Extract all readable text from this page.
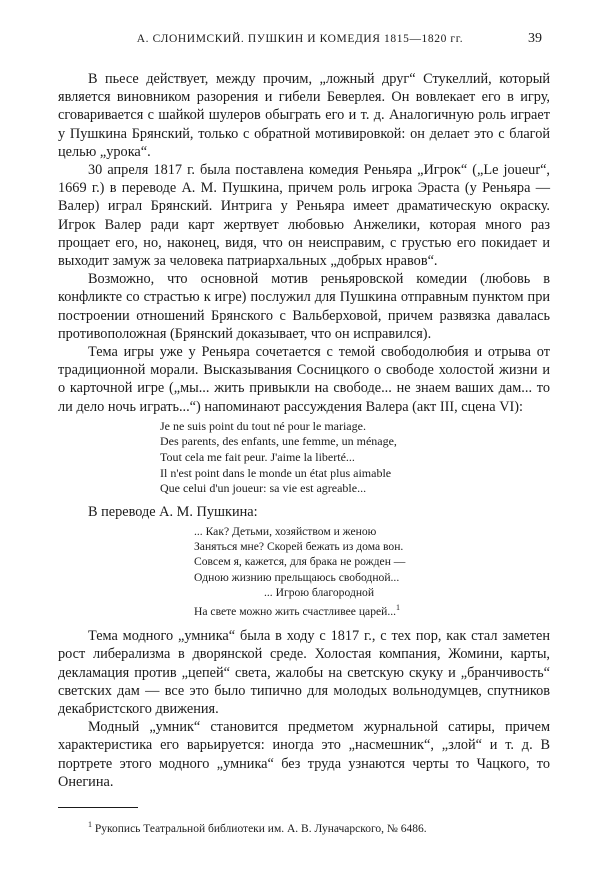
А. СЛОНИМСКИЙ. ПУШКИН И КОМЕДИЯ 1815—1820 гг.	39

В пьесе действует, между прочим, „ложный друг“ Стукеллий, который является виновником разорения и гибели Беверлея. Он вовлекает его в игру, сговаривается с шайкой шулеров обыграть его и т. д. Аналогичную роль играет у Пушкина Брянский, только с обратной мотивировкой: он делает это с благой целью „урока“.

30 апреля 1817 г. была поставлена комедия Реньяра „Игрок“ („Le joueur“, 1669 г.) в переводе А. М. Пушкина, причем роль игрока Эраста (у Реньяра — Валер) играл Брянский. Интрига у Реньяра имеет драматическую окраску. Игрок Валер ради карт жертвует любовью Анжелики, которая много раз прощает его, но, наконец, видя, что он неисправим, с грустью его покидает и выходит замуж за человека патриархальных „добрых нравов“.

Возможно, что основной мотив реньяровской комедии (любовь в конфликте со страстью к игре) послужил для Пушкина отправным пунктом при построении отношений Брянского с Вальберховой, причем развязка давалась противоположная (Брянский доказывает, что он исправился).

Тема игры уже у Реньяра сочетается с темой свободолюбия и отрыва от традиционной морали. Высказывания Сосницкого о свободе холостой жизни и о карточной игре („мы... жить привыкли на свободе... не знаем ваших дам... то ли дело ночь играть...“) напоминают рассуждения Валера (акт III, сцена VI):

Je ne suis point du tout né pour le mariage.
Des parents, des enfants, une femme, un ménage,
Tout cela me fait peur. J'aime la liberté...
Il n'est point dans le monde un état plus aimable
Que celui d'un joueur: sa vie est agreable...

В переводе А. М. Пушкина:

... Как? Детьми, хозяйством и женою
Заняться мне? Скорей бежать из дома вон.
Совсем я, кажется, для брака не рожден —
Одною жизнию прельщаюсь свободной...
... Игрою благородной
На свете можно жить счастливее царей...$^1$

Тема модного „умника“ была в ходу с 1817 г., с тех пор, как стал заметен рост либерализма в дворянской среде. Холостая компания, Жомини, карты, декламация против „цепей“ света, жалобы на светскую скуку и „бранчивость“ светских дам — все это было типично для молодых вольнодумцев, спутников декабристского движения.

Модный „умник“ становится предметом журнальной сатиры, причем характеристика его варьируется: иногда это „насмешник“, „злой“ и т. д. В портрете этого модного „умника“ без труда узнаются черты то Чацкого, то Онегина.

$^1$ Рукопись Театральной библиотеки им. А. В. Луначарского, № 6486.
